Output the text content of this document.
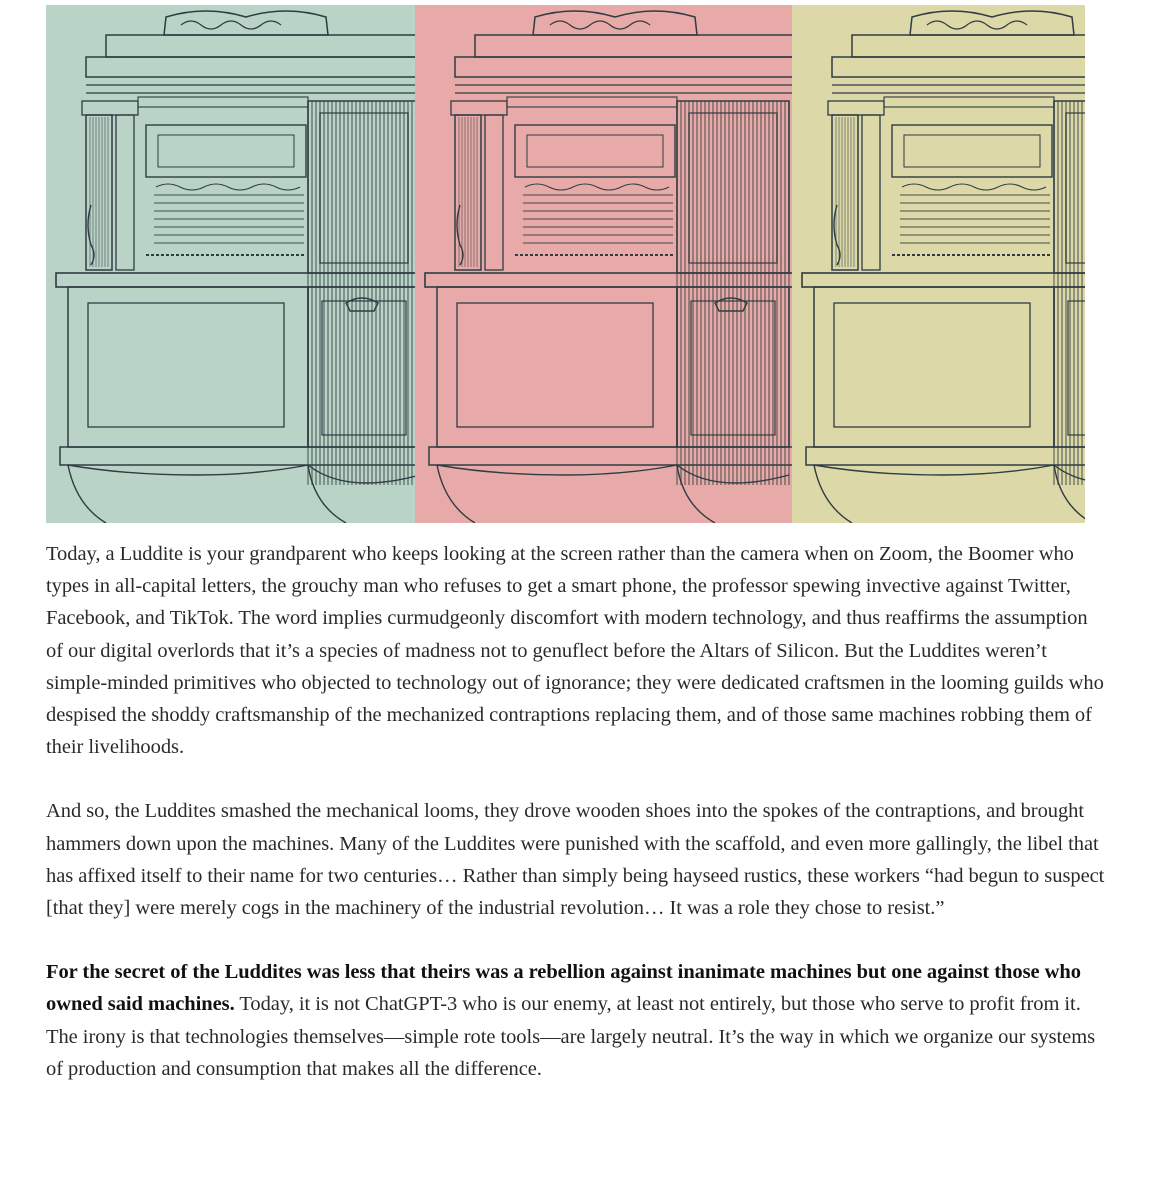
Today, a Luddite is your grandparent who keeps looking at the screen rather than the camera when on Zoom, the Boomer who types in all-capital letters, the grouchy man who refuses to get a smart phone, the professor spewing invective against Twitter, Facebook, and TikTok. The word implies curmudgeonly discomfort with modern technology, and thus reaffirms the assumption of our digital overlords that it’s a species of madness not to genuflect before the Altars of Silicon. But the Luddites weren’t simple-minded primitives who objected to technology out of ignorance; they were dedicated craftsmen in the looming guilds who despised the shoddy craftsmanship of the mechanized contraptions replacing them, and of those same machines robbing them of their livelihoods.

And so, the Luddites smashed the mechanical looms, they drove wooden shoes into the spokes of the contraptions, and brought hammers down upon the machines. Many of the Luddites were punished with the scaffold, and even more gallingly, the libel that has affixed itself to their name for two centuries… Rather than simply being hayseed rustics, these workers “had begun to suspect [that they] were merely cogs in the machinery of the industrial revolution… It was a role they chose to resist.”

For the secret of the Luddites was less that theirs was a rebellion against inanimate machines but one against those who owned said machines. Today, it is not ChatGPT-3 who is our enemy, at least not entirely, but those who serve to profit from it. The irony is that technologies themselves—simple rote tools—are largely neutral. It’s the way in which we organize our systems of production and consumption that makes all the difference.
